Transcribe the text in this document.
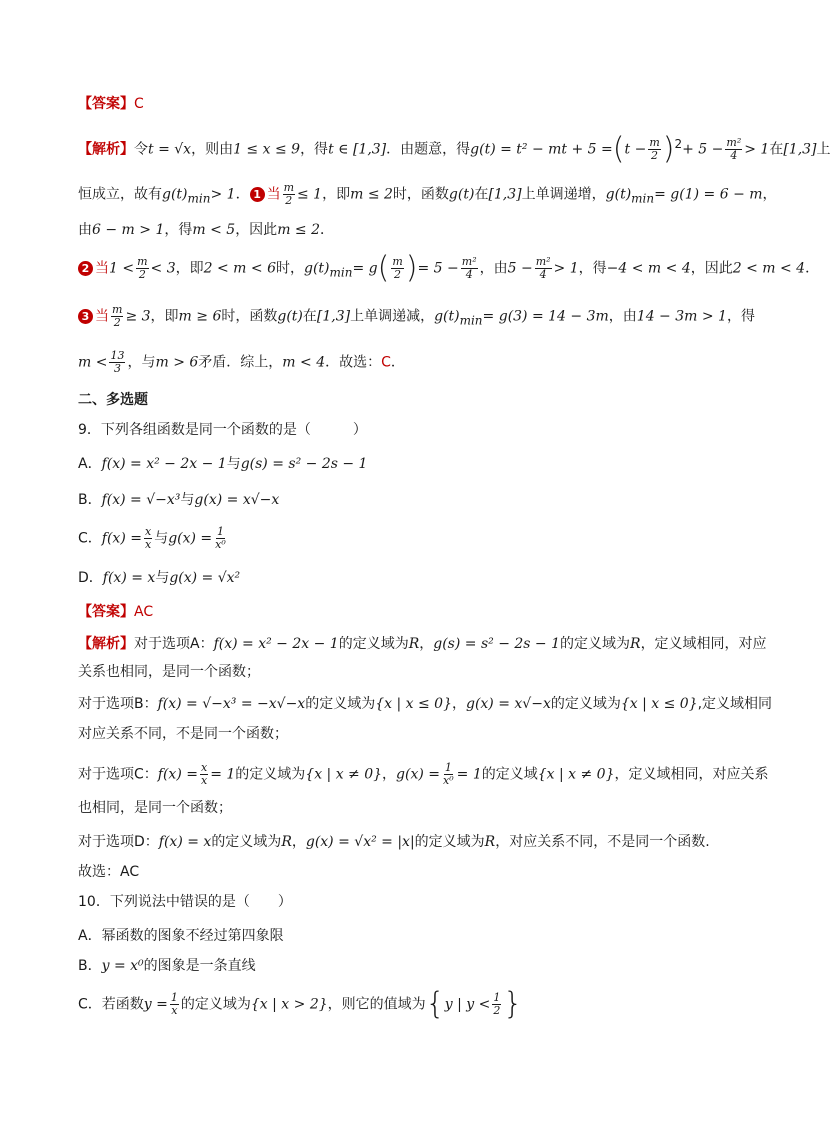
【答案】C
【解析】令t = √x，则由1 ≤ x ≤ 9，得t ∈ [1,3]．由题意，得g(t) = t² − mt + $5 =(t - \frac{m}{2} )^2+ 5 - \frac{\text{m²}}{4} > 1$在[1,3]上
恒成立，故有$g(t)_{min}> 1$． 1 当 $\frac{m}{2} \le 1$，即m ≤ 2时，函数g(t)在[1,3]上单调递增，$g(t)_{min}= g(1) = 6 - m$，
由6 − m > 1，得m < 5，因此m ≤ 2．
2 当$1 < \frac{m}{2} < 3$，即2 < m < 6时，$g(t)_{min}= g( \frac{m}{2}$ )= $5 - \frac{\text{m²}}{4}$ ，由$5 - \frac{\text{m²}}{4} > 1$，得−4 < m < 4，因此2 < m < 4．
3 当 $\frac{m}{2} \ge 3$，即m ≥ 6时，函数g(t)在[1,3]上单调递减，$g(t)_{min}= g(3) = 14 - 3m$，由14 − 3m > 1，得
$m < \frac{13}{3}$ ，与m > 6矛盾．综上，m < 4．故选：C．
二、多选题
9．下列各组函数是同一个函数的是（　　　）
A．f(x) = x² − 2x − 1与g(s) = s² − 2s − 1
B．f(x) = √−x³与g(x) = x√−x
C．$f(x) = \frac{x}{x}$ 与$g(x) = \frac{1}{\text{x⁰}}$
D．f(x) = x与g(x) = √x²
【答案】AC
【解析】对于选项A：f(x) = x² − 2x − 1的定义域为R，g(s) = s² − 2s − 1的定义域为R，定义域相同，对应
关系也相同，是同一个函数；
对于选项B：f(x) = √−x³ = −x√−x的定义域为{x | x ≤ 0}，g(x) = x√−x的定义域为{x | x ≤ 0},定义域相同
对应关系不同，不是同一个函数；
对于选项C：$f(x) = \frac{x}{x} = 1$的定义域为{x | x ≠ 0}，$g(x) = \frac{1}{\text{x⁰}} = 1$的定义域{x | x ≠ 0}，定义域相同，对应关系
也相同，是同一个函数；
对于选项D：f(x) = x的定义域为R，g(x) = √x² = |x|的定义域为R，对应关系不同，不是同一个函数.
故选：AC
10．下列说法中错误的是（　　）
A．幂函数的图象不经过第四象限
B．y = x⁰的图象是一条直线
C．若函数$y = \frac{1}{x}$ 的定义域为{x | x > 2}，则它的值域为{y | $y < \frac{1}{2}$ }
